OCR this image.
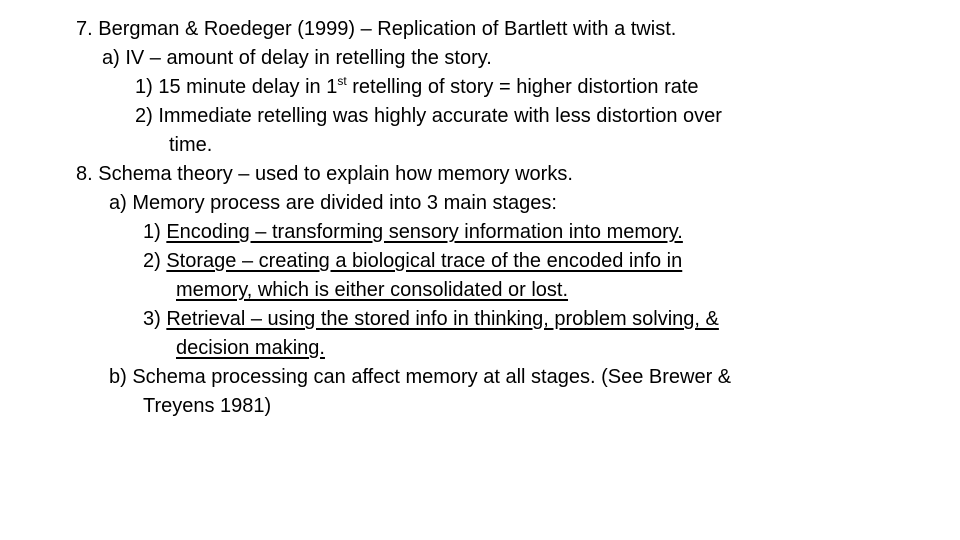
7. Bergman & Roedeger (1999) – Replication of Bartlett with a twist.
a) IV – amount of delay in retelling the story.
1) 15 minute delay in 1st retelling of story = higher distortion rate
2) Immediate retelling was highly accurate with less distortion over
time.
8. Schema theory – used to explain how memory works.
a) Memory process are divided into 3 main stages:
1) Encoding – transforming sensory information into memory.
2) Storage – creating a biological trace of the encoded info in
memory, which is either consolidated or lost.
3) Retrieval – using the stored info in thinking, problem solving, &
decision making.
b) Schema processing can affect memory at all stages. (See Brewer &
Treyens 1981)
